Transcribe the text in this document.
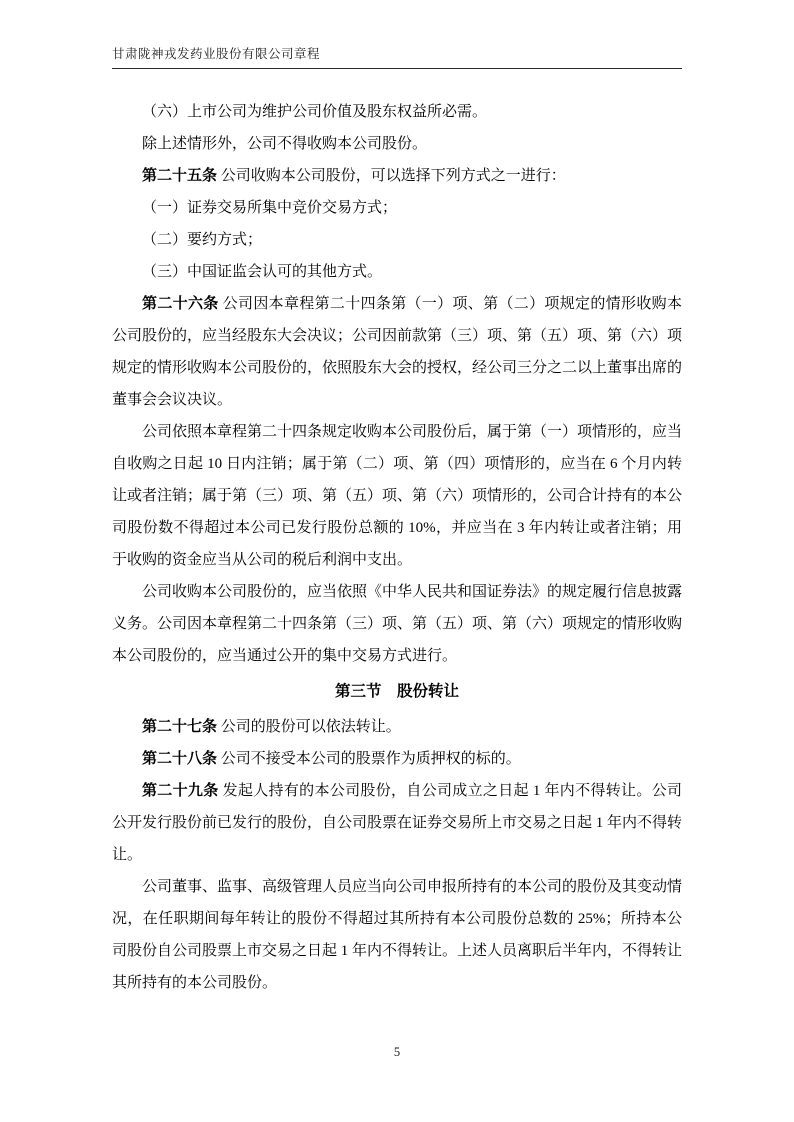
甘肃陇神戎发药业股份有限公司章程

（六）上市公司为维护公司价值及股东权益所必需。

除上述情形外，公司不得收购本公司股份。

第二十五条 公司收购本公司股份，可以选择下列方式之一进行：

（一）证券交易所集中竞价交易方式；

（二）要约方式；

（三）中国证监会认可的其他方式。

第二十六条 公司因本章程第二十四条第（一）项、第（二）项规定的情形收购本公司股份的，应当经股东大会决议；公司因前款第（三）项、第（五）项、第（六）项规定的情形收购本公司股份的，依照股东大会的授权，经公司三分之二以上董事出席的董事会会议决议。

公司依照本章程第二十四条规定收购本公司股份后，属于第（一）项情形的，应当自收购之日起 10 日内注销；属于第（二）项、第（四）项情形的，应当在 6 个月内转让或者注销；属于第（三）项、第（五）项、第（六）项情形的，公司合计持有的本公司股份数不得超过本公司已发行股份总额的 10%，并应当在 3 年内转让或者注销；用于收购的资金应当从公司的税后利润中支出。

公司收购本公司股份的，应当依照《中华人民共和国证券法》的规定履行信息披露义务。公司因本章程第二十四条第（三）项、第（五）项、第（六）项规定的情形收购本公司股份的，应当通过公开的集中交易方式进行。

第三节　股份转让

第二十七条 公司的股份可以依法转让。

第二十八条 公司不接受本公司的股票作为质押权的标的。

第二十九条 发起人持有的本公司股份，自公司成立之日起 1 年内不得转让。公司公开发行股份前已发行的股份，自公司股票在证券交易所上市交易之日起 1 年内不得转让。

公司董事、监事、高级管理人员应当向公司申报所持有的本公司的股份及其变动情况，在任职期间每年转让的股份不得超过其所持有本公司股份总数的 25%；所持本公司股份自公司股票上市交易之日起 1 年内不得转让。上述人员离职后半年内，不得转让其所持有的本公司股份。

5
